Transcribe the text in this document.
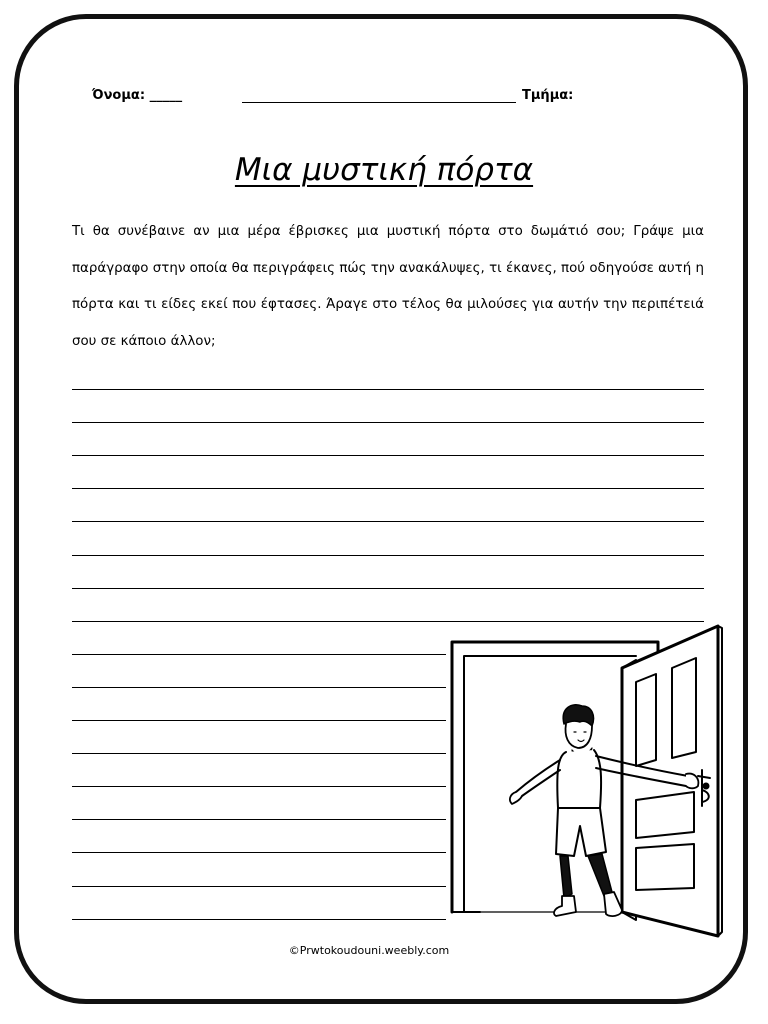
Όνομα: _____	Τμήμα:
Μια μυστική πόρτα

Τι θα συνέβαινε αν μια μέρα έβρισκες μια μυστική πόρτα στο δωμάτιό σου; Γράψε μια παράγραφο στην οποία θα περιγράφεις πώς την ανακάλυψες, τι έκανες, πού οδηγούσε αυτή η πόρτα και τι είδες εκεί που έφτασες. Άραγε στο τέλος θα μιλούσες για αυτήν την περιπέτειά σου σε κάποιο άλλον;

©Prwtokoudouni.weebly.com
